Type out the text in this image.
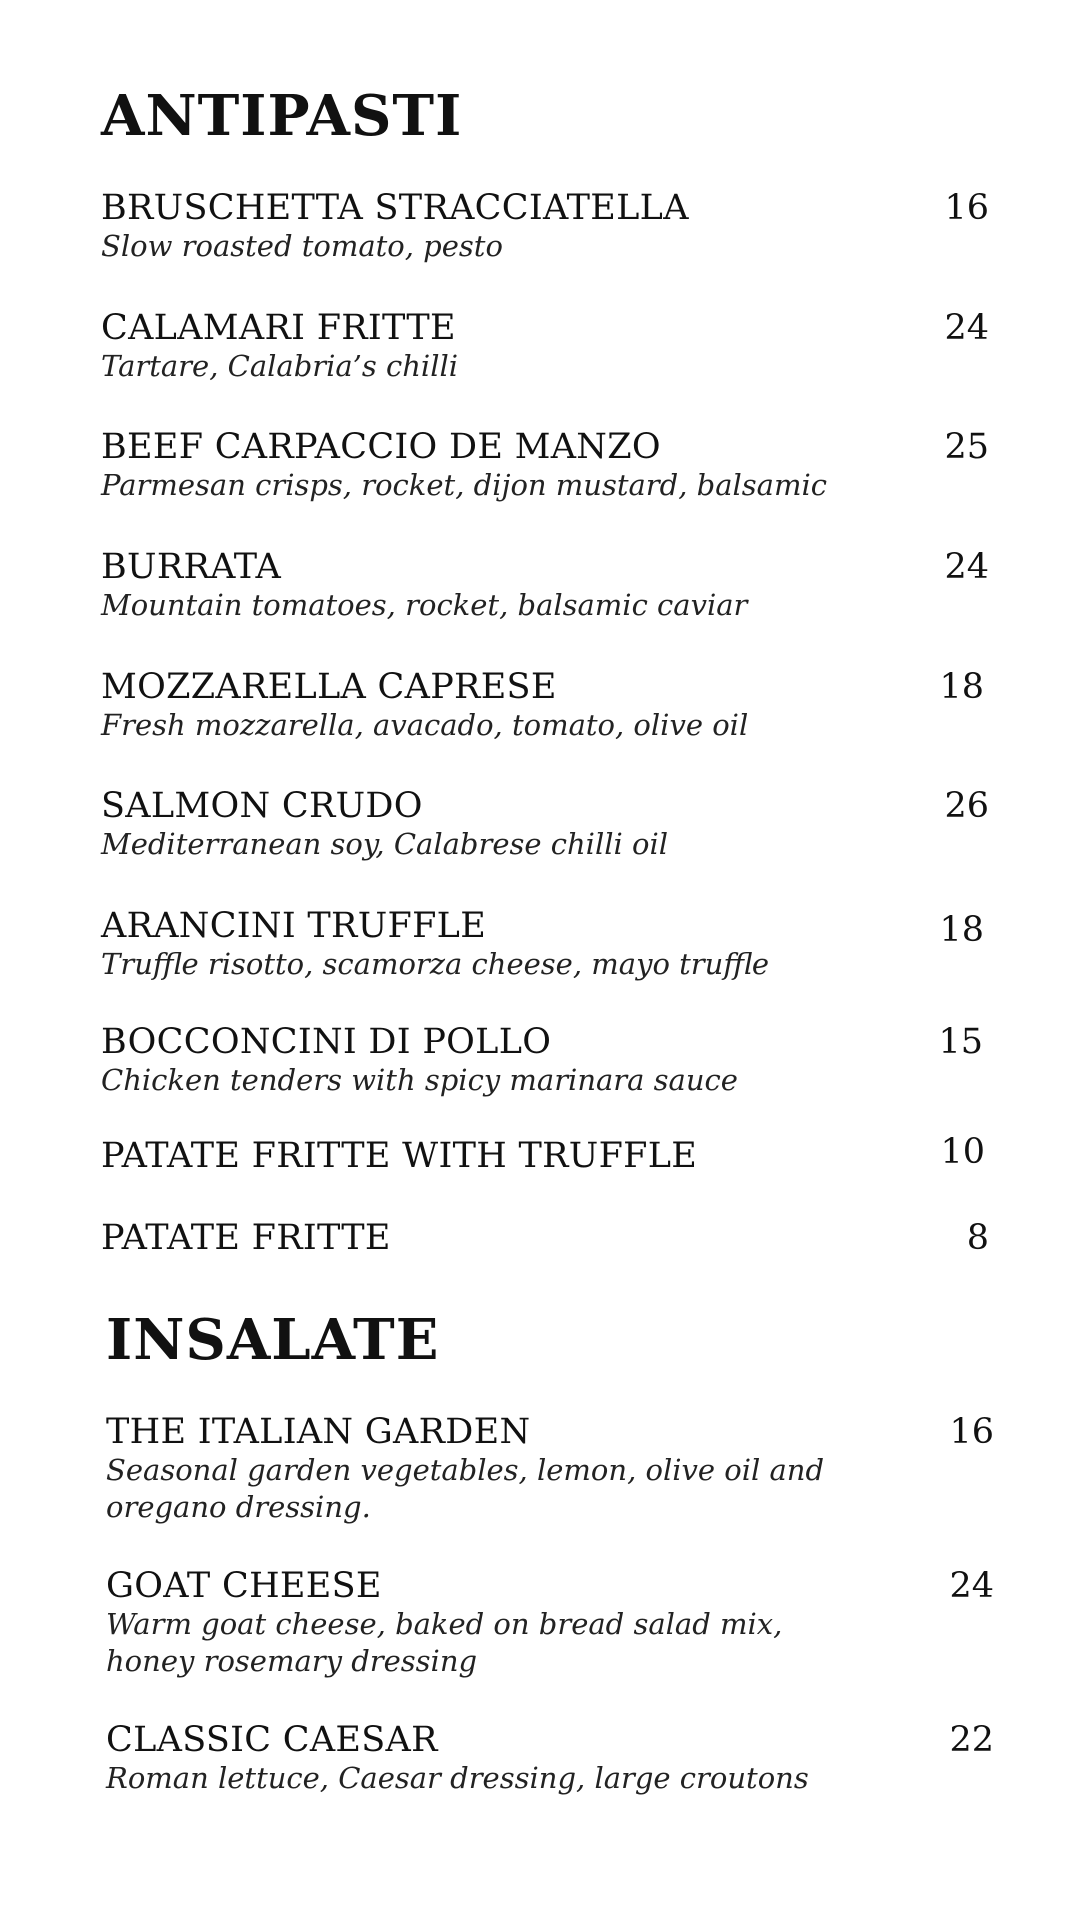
ANTIPASTI
BRUSCHETTA STRACCIATELLA
Slow roasted tomato, pesto
16
CALAMARI FRITTE
Tartare, Calabria’s chilli
24
BEEF CARPACCIO DE MANZO
Parmesan crisps, rocket, dijon mustard, balsamic
25
BURRATA
Mountain tomatoes, rocket, balsamic caviar
24
MOZZARELLA CAPRESE
Fresh mozzarella, avacado, tomato, olive oil
18
SALMON CRUDO
Mediterranean soy, Calabrese chilli oil
26
ARANCINI TRUFFLE
Truffle risotto, scamorza cheese, mayo truffle
18
BOCCONCINI DI POLLO
Chicken tenders with spicy marinara sauce
15
PATATE FRITTE WITH TRUFFLE	10
PATATE FRITTE	8
INSALATE
THE ITALIAN GARDEN
Seasonal garden vegetables, lemon, olive oil and oregano dressing.
16
GOAT CHEESE
Warm goat cheese, baked on bread salad mix, honey rosemary dressing
24
CLASSIC CAESAR
Roman lettuce, Caesar dressing, large croutons
22
